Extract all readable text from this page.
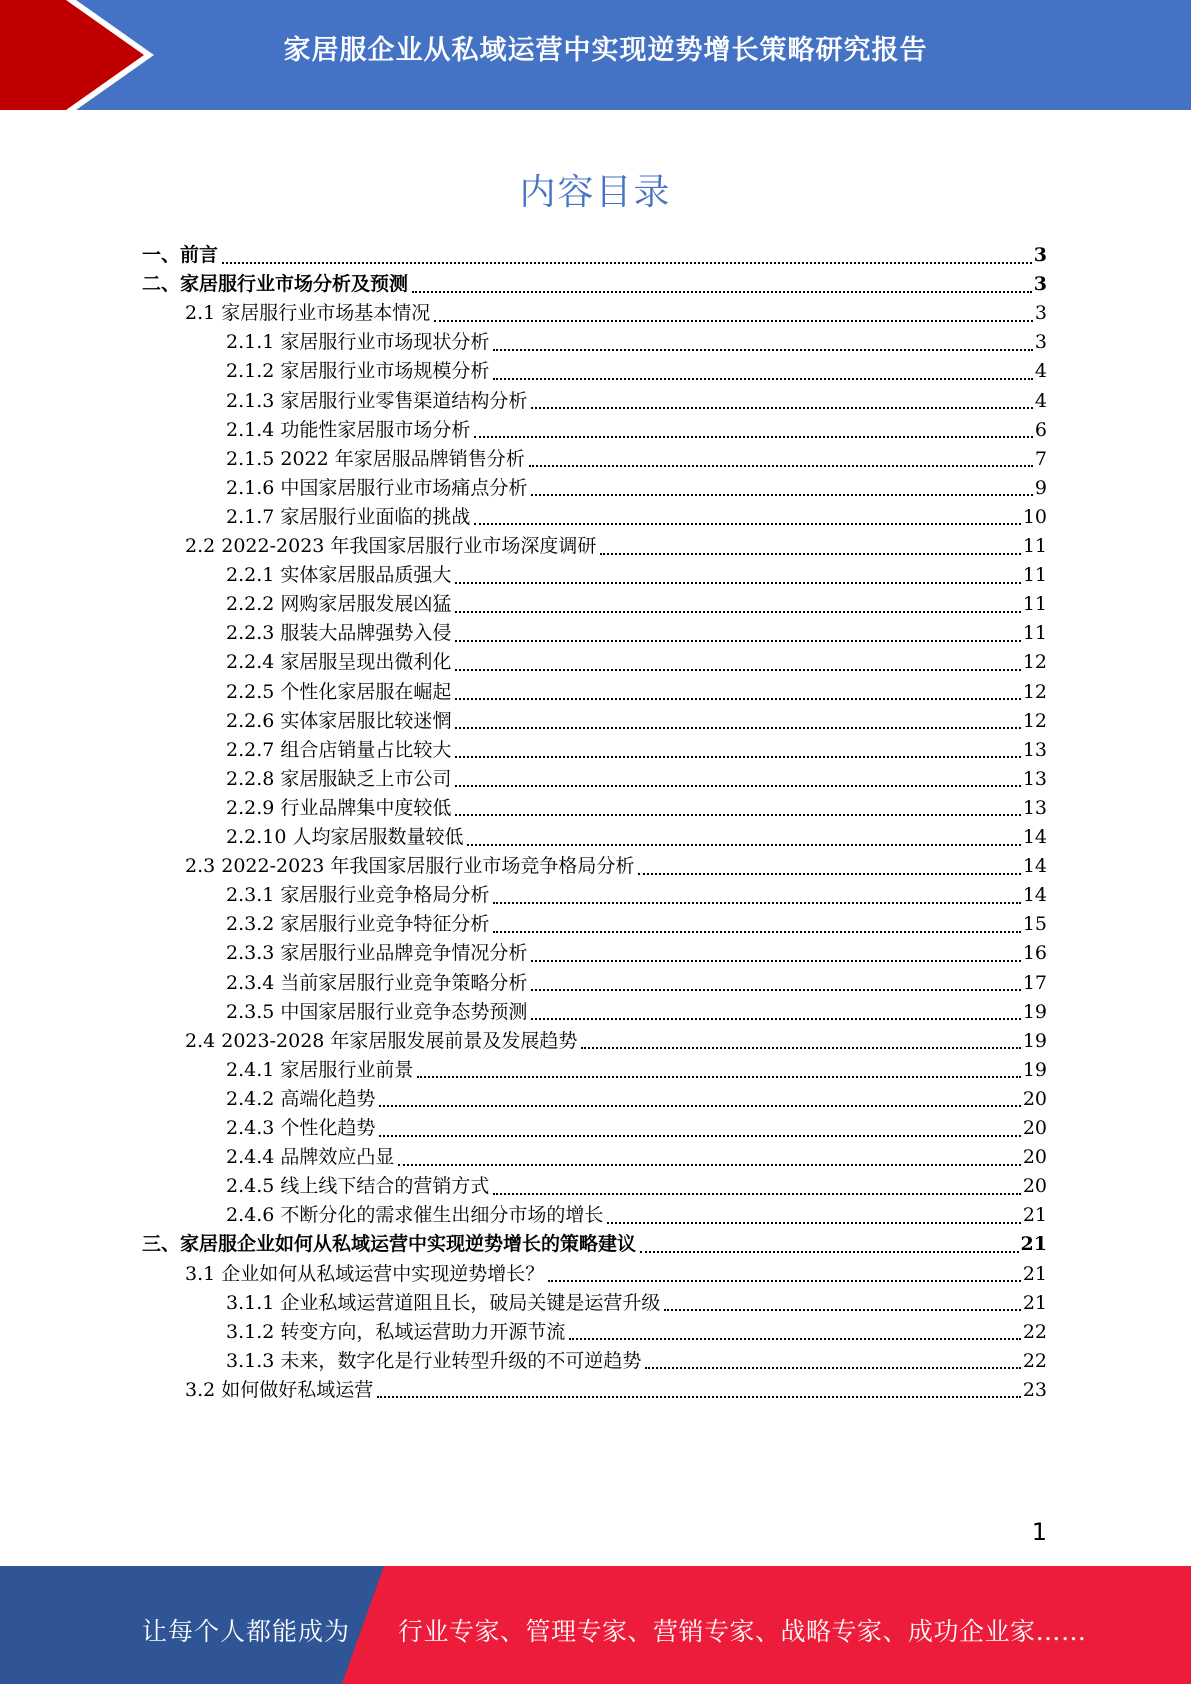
家居服企业从私域运营中实现逆势增长策略研究报告
内容目录
一、前言	3
二、家居服行业市场分析及预测	3
2.1 家居服行业市场基本情况	3
2.1.1 家居服行业市场现状分析	3
2.1.2 家居服行业市场规模分析	4
2.1.3 家居服行业零售渠道结构分析	4
2.1.4 功能性家居服市场分析	6
2.1.5 2022 年家居服品牌销售分析	7
2.1.6 中国家居服行业市场痛点分析	9
2.1.7 家居服行业面临的挑战	10
2.2 2022-2023 年我国家居服行业市场深度调研	11
2.2.1 实体家居服品质强大	11
2.2.2 网购家居服发展凶猛	11
2.2.3 服装大品牌强势入侵	11
2.2.4 家居服呈现出微利化	12
2.2.5 个性化家居服在崛起	12
2.2.6 实体家居服比较迷惘	12
2.2.7 组合店销量占比较大	13
2.2.8 家居服缺乏上市公司	13
2.2.9 行业品牌集中度较低	13
2.2.10 人均家居服数量较低	14
2.3 2022-2023 年我国家居服行业市场竞争格局分析	14
2.3.1 家居服行业竞争格局分析	14
2.3.2 家居服行业竞争特征分析	15
2.3.3 家居服行业品牌竞争情况分析	16
2.3.4 当前家居服行业竞争策略分析	17
2.3.5 中国家居服行业竞争态势预测	19
2.4 2023-2028 年家居服发展前景及发展趋势	19
2.4.1 家居服行业前景	19
2.4.2 高端化趋势	20
2.4.3 个性化趋势	20
2.4.4 品牌效应凸显	20
2.4.5 线上线下结合的营销方式	20
2.4.6 不断分化的需求催生出细分市场的增长	21
三、家居服企业如何从私域运营中实现逆势增长的策略建议	21
3.1 企业如何从私域运营中实现逆势增长？	21
3.1.1 企业私域运营道阻且长，破局关键是运营升级	21
3.1.2 转变方向，私域运营助力开源节流	22
3.1.3 未来，数字化是行业转型升级的不可逆趋势	22
3.2 如何做好私域运营	23
1
让每个人都能成为 行业专家、管理专家、营销专家、战略专家、成功企业家……
